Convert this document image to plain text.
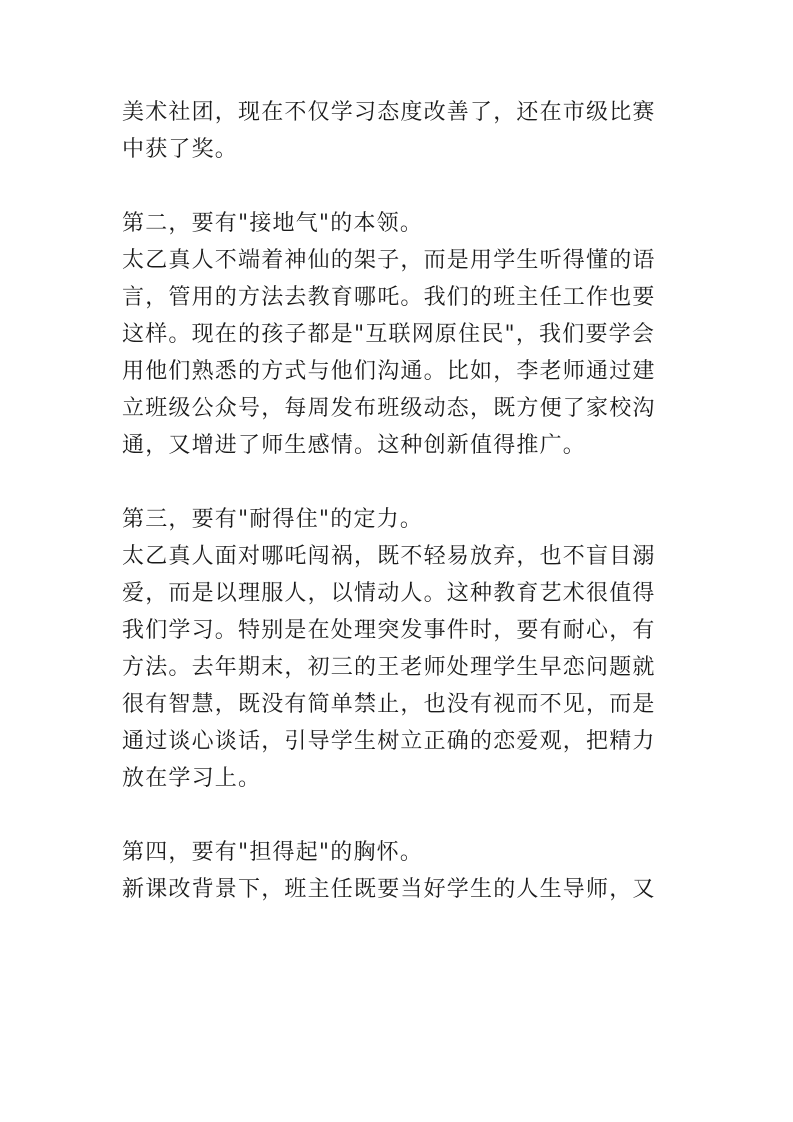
美术社团，现在不仅学习态度改善了，还在市级比赛
中获了奖。
第二，要有"接地气"的本领。
太乙真人不端着神仙的架子，而是用学生听得懂的语
言，管用的方法去教育哪吒。我们的班主任工作也要
这样。现在的孩子都是"互联网原住民"，我们要学会
用他们熟悉的方式与他们沟通。比如，李老师通过建
立班级公众号，每周发布班级动态，既方便了家校沟
通，又增进了师生感情。这种创新值得推广。
第三，要有"耐得住"的定力。
太乙真人面对哪吒闯祸，既不轻易放弃，也不盲目溺
爱，而是以理服人，以情动人。这种教育艺术很值得
我们学习。特别是在处理突发事件时，要有耐心，有
方法。去年期末，初三的王老师处理学生早恋问题就
很有智慧，既没有简单禁止，也没有视而不见，而是
通过谈心谈话，引导学生树立正确的恋爱观，把精力
放在学习上。
第四，要有"担得起"的胸怀。
新课改背景下，班主任既要当好学生的人生导师，又
